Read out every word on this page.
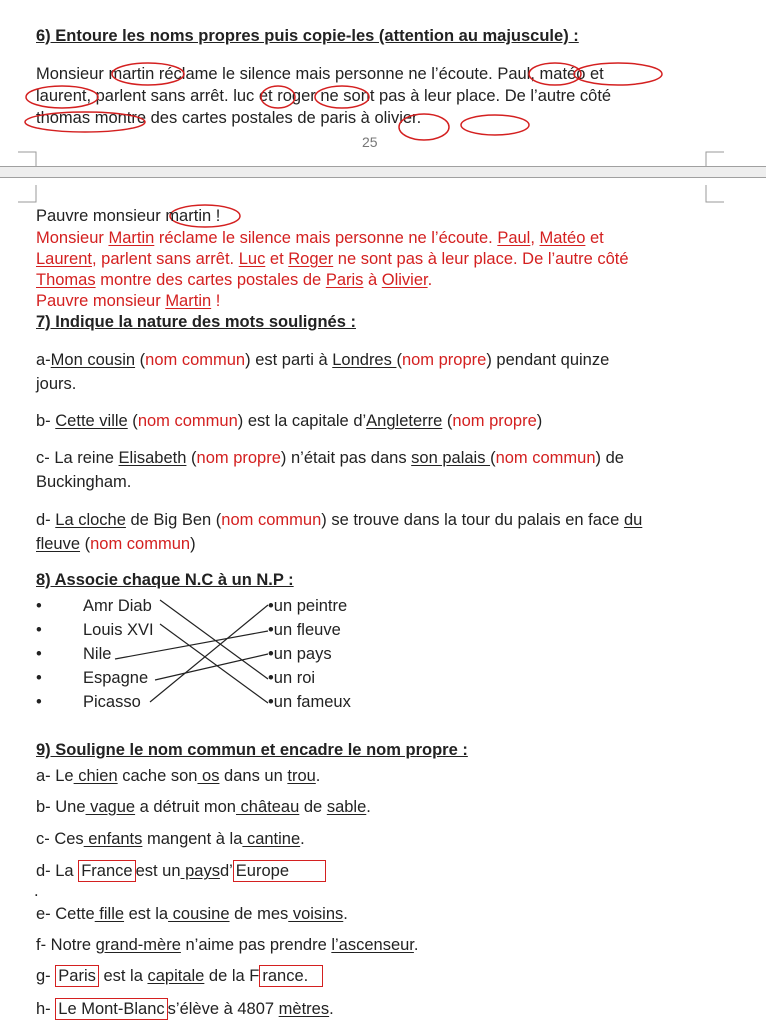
6) Entoure les noms propres puis copie-les (attention au majuscule) :
Monsieur martin réclame le silence mais personne ne l’écoute. Paul, matéo et
laurent, parlent sans arrêt. luc et roger ne sont pas à leur place. De l’autre côté
thomas montre des cartes postales de paris à olivier.
25
Pauvre monsieur martin !
Monsieur Martin réclame le silence mais personne ne l’écoute. Paul, Matéo et
Laurent, parlent sans arrêt. Luc et Roger ne sont pas à leur place. De l’autre côté
Thomas montre des cartes postales de Paris à Olivier.
Pauvre monsieur Martin !
7) Indique la nature des mots soulignés :
a-Mon cousin (nom commun) est parti à Londres (nom propre) pendant quinze
jours.
b- Cette ville (nom commun) est la capitale d’Angleterre (nom propre)
c- La reine Elisabeth (nom propre) n’était pas dans son palais (nom commun) de
Buckingham.
d- La cloche de Big Ben (nom commun) se trouve dans la tour du palais en face du
fleuve (nom commun)
8) Associe chaque N.C à un N.P :
• Amr Diab
• Louis XVI
• Nile
• Espagne
• Picasso
•un peintre
•un fleuve
•un pays
•un roi
•un fameux
9) Souligne le nom commun et encadre le nom propre :
a- Le chien cache son os dans un trou.
b- Une vague a détruit mon château de sable.
c- Ces enfants mangent à la cantine.
d- La Franceest un paysd’ Europe
.
e- Cette fille est la cousine de mes voisins.
f- Notre grand-mère n’aime pas prendre l’ascenseur.
g- Paris est la capitale de la F rance.
h- Le Mont-Blancs’élève à 4807 mètres.
